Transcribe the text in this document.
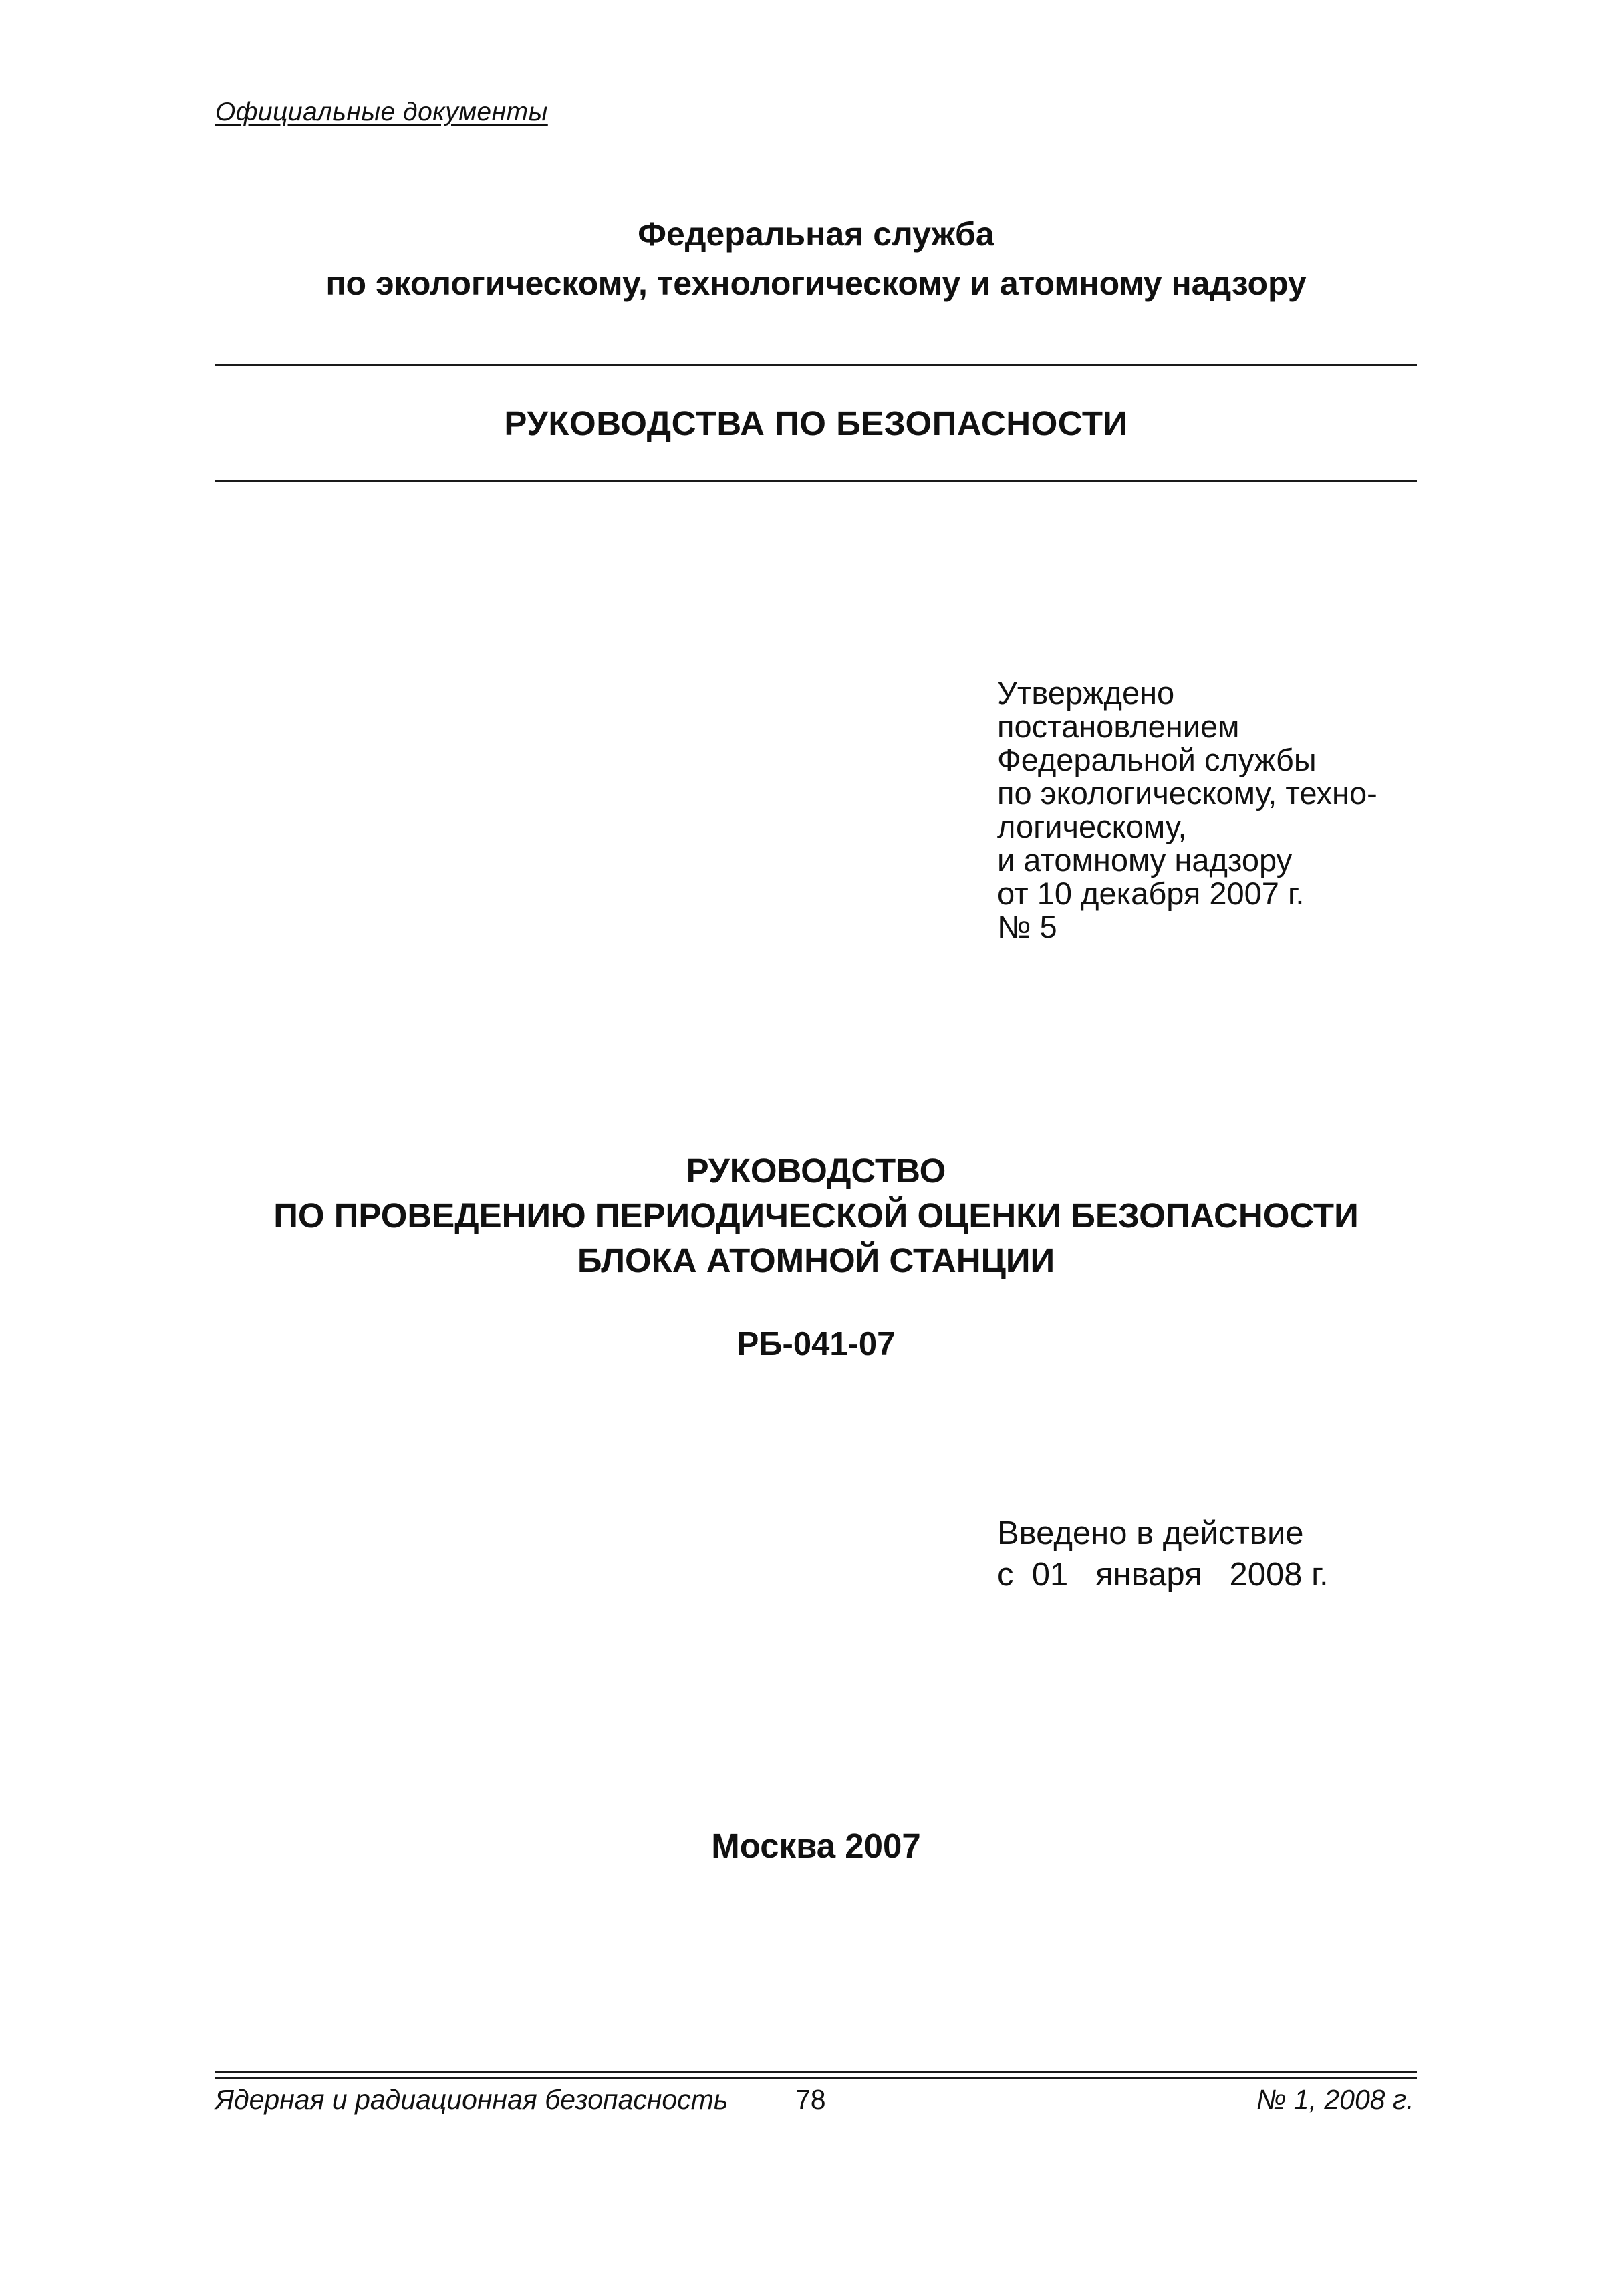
Официальные документы
Федеральная служба
по экологическому, технологическому и атомному надзору
РУКОВОДСТВА ПО БЕЗОПАСНОСТИ
Утверждено
постановлением
Федеральной службы
по экологическому, техно-
логическому,
и атомному надзору
от 10 декабря 2007 г.
№ 5
РУКОВОДСТВО
ПО ПРОВЕДЕНИЮ ПЕРИОДИЧЕСКОЙ ОЦЕНКИ БЕЗОПАСНОСТИ
БЛОКА АТОМНОЙ СТАНЦИИ
РБ-041-07
Введено в действие
с  01   января   2008 г.
Москва 2007
Ядерная и радиационная безопасность 78	№ 1, 2008 г.
